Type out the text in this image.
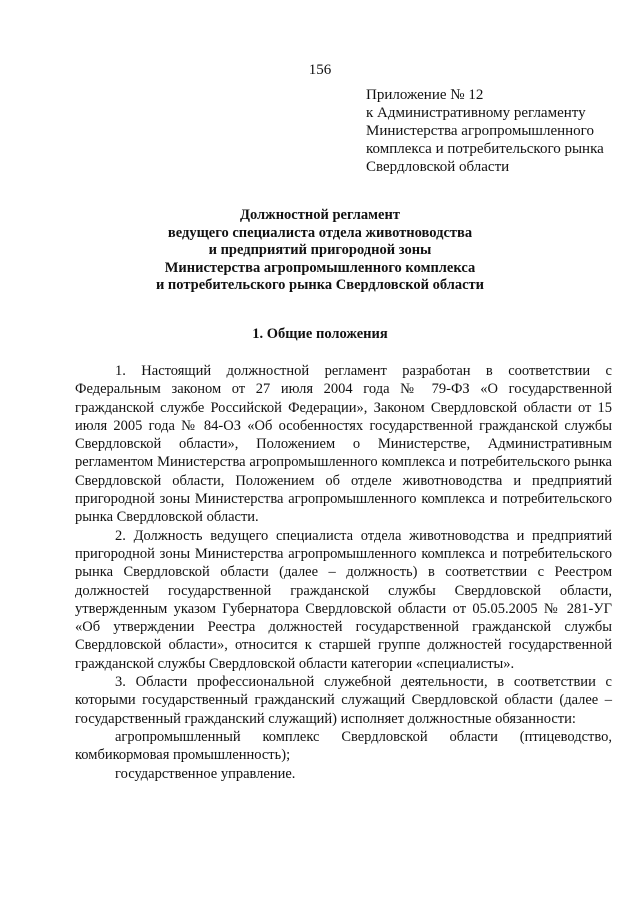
156
Приложение № 12
к Административному регламенту
Министерства агропромышленного
комплекса и потребительского рынка
Свердловской области
Должностной регламент
ведущего специалиста отдела животноводства
и предприятий пригородной зоны
Министерства агропромышленного комплекса
и потребительского рынка Свердловской области
1. Общие положения

1. Настоящий должностной регламент разработан в соответствии с Федеральным законом от 27 июля 2004 года № 79-ФЗ «О государственной гражданской службе Российской Федерации», Законом Свердловской области от 15 июля 2005 года № 84-ОЗ «Об особенностях государственной гражданской службы Свердловской области», Положением о Министерстве, Административным регламентом Министерства агропромышленного комплекса и потребительского рынка Свердловской области, Положением об отделе животноводства и предприятий пригородной зоны Министерства агропромышленного комплекса и потребительского рынка Свердловской области.

2. Должность ведущего специалиста отдела животноводства и предприятий пригородной зоны Министерства агропромышленного комплекса и потребительского рынка Свердловской области (далее – должность) в соответствии с Реестром должностей государственной гражданской службы Свердловской области, утвержденным указом Губернатора Свердловской области от 05.05.2005 № 281-УГ «Об утверждении Реестра должностей государственной гражданской службы Свердловской области», относится к старшей группе должностей государственной гражданской службы Свердловской области категории «специалисты».

3. Области профессиональной служебной деятельности, в соответствии с которыми государственный гражданский служащий Свердловской области (далее – государственный гражданский служащий) исполняет должностные обязанности:

агропромышленный комплекс Свердловской области (птицеводство, комбикормовая промышленность);

государственное управление.
